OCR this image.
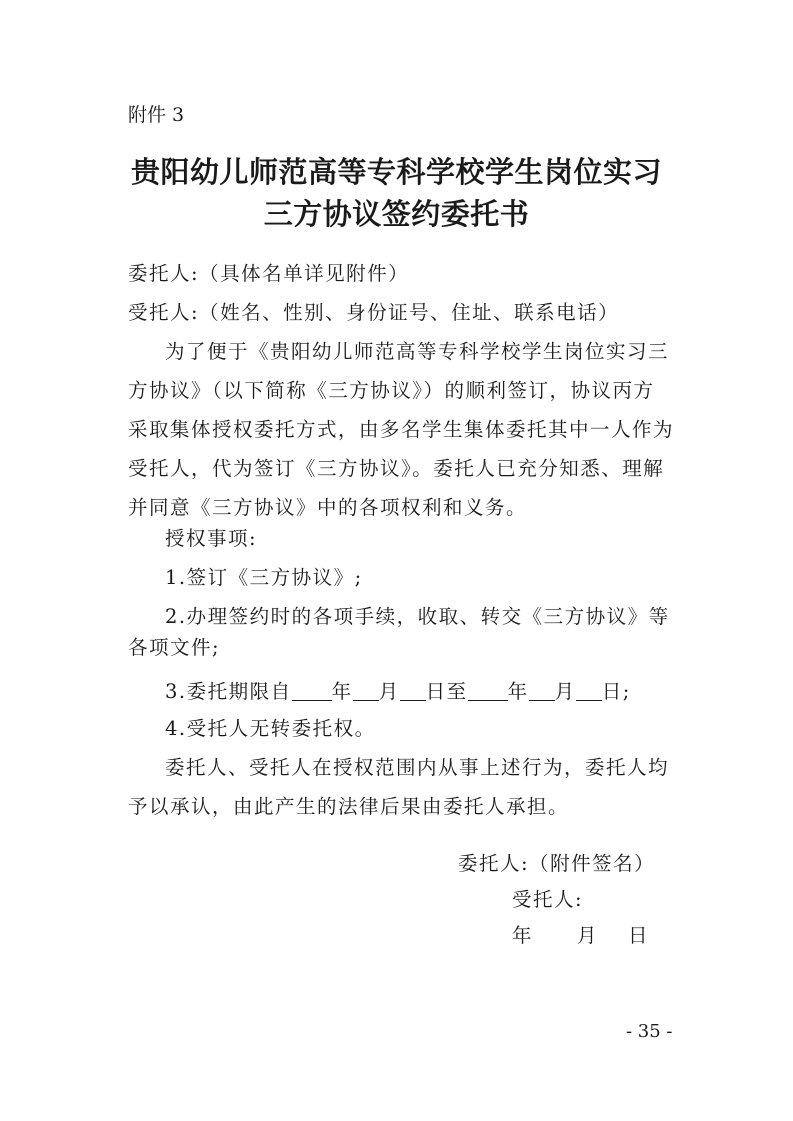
附件 3
贵阳幼儿师范高等专科学校学生岗位实习
三方协议签约委托书
委托人:（具体名单详见附件）
受托人:（姓名、性别、身份证号、住址、联系电话）
为了便于《贵阳幼儿师范高等专科学校学生岗位实习三
方协议》（以下简称《三方协议》）的顺利签订，协议丙方
采取集体授权委托方式，由多名学生集体委托其中一人作为
受托人，代为签订《三方协议》。委托人已充分知悉、理解
并同意《三方协议》中的各项权利和义务。
授权事项:
1.签订《三方协议》;
2.办理签约时的各项手续，收取、转交《三方协议》等
各项文件;
3.委托期限自 年 月 日至 年 月 日;
4.受托人无转委托权。
委托人、受托人在授权范围内从事上述行为，委托人均
予以承认，由此产生的法律后果由委托人承担。
委托人:（附件签名）
受托人:
年 月 日
- 35 -
